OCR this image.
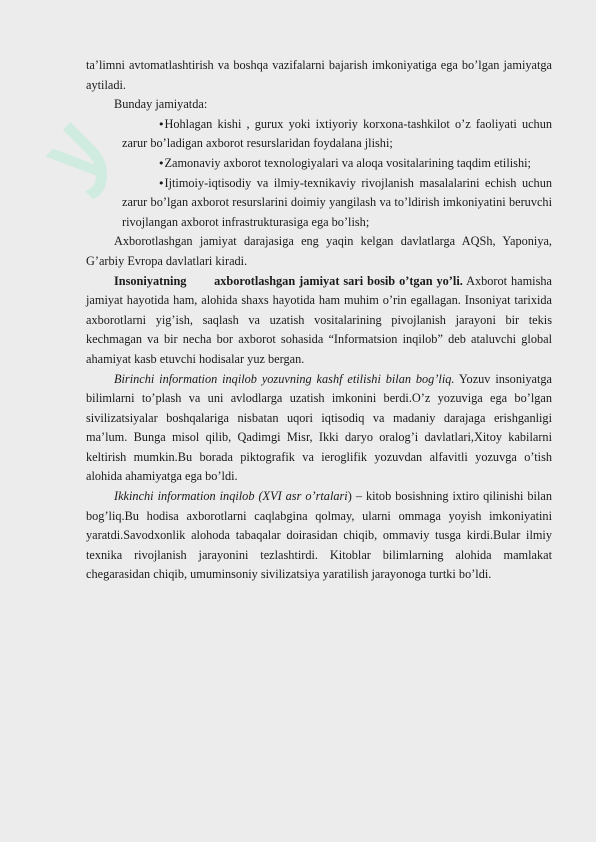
ﻻ

ta’limni avtomatlashtirish va boshqa vazifalarni bajarish imkoniyatiga ega bo’lgan jamiyatga aytiladi.

Bunday jamiyatda:

•Hohlagan kishi , gurux yoki ixtiyoriy korxona-tashkilot o’z faoliyati uchun zarur bo’ladigan axborot resurslaridan foydalana jlishi;

•Zamonaviy axborot texnologiyalari va aloqa vositalarining taqdim etilishi;

•Ijtimoiy-iqtisodiy va ilmiy-texnikaviy rivojlanish masalalarini echish uchun zarur bo’lgan axborot resurslarini doimiy yangilash va to’ldirish imkoniyatini beruvchi rivojlangan axborot infrastrukturasiga ega bo’lish;

Axborotlashgan jamiyat darajasiga eng yaqin kelgan davlatlarga AQSh, Yaponiya, G’arbiy Evropa davlatlari kiradi.

Insoniyatning       axborotlashgan jamiyat sari bosib o’tgan yo’li. Axborot hamisha jamiyat hayotida ham, alohida shaxs hayotida ham muhim o’rin egallagan. Insoniyat tarixida axborotlarni yig’ish, saqlash va uzatish vositalarining pivojlanish jarayoni bir tekis kechmagan va bir necha bor axborot sohasida “Informatsion inqilob” deb ataluvchi global ahamiyat kasb etuvchi hodisalar yuz bergan.

Birinchi information inqilob yozuvning kashf etilishi bilan bog’liq. Yozuv insoniyatga bilimlarni to’plash va uni avlodlarga uzatish imkonini berdi.O’z yozuviga ega bo’lgan sivilizatsiyalar boshqalariga nisbatan uqori iqtisodiq va madaniy darajaga erishganligi ma’lum. Bunga misol qilib, Qadimgi Misr, Ikki daryo oralog’i davlatlari,Xitoy kabilarni keltirish mumkin.Bu borada piktografik va ieroglifik yozuvdan alfavitli yozuvga o’tish alohida ahamiyatga ega bo’ldi.

Ikkinchi information inqilob (XVI asr o’rtalari) – kitob bosishning ixtiro qilinishi bilan bog’liq.Bu hodisa axborotlarni caqlabgina qolmay, ularni ommaga yoyish imkoniyatini yaratdi.Savodxonlik alohoda tabaqalar doirasidan chiqib, ommaviy tusga kirdi.Bular ilmiy texnika rivojlanish jarayonini tezlashtirdi. Kitoblar bilimlarning alohida mamlakat chegarasidan chiqib, umuminsoniy sivilizatsiya yaratilish jarayonoga turtki bo’ldi.
